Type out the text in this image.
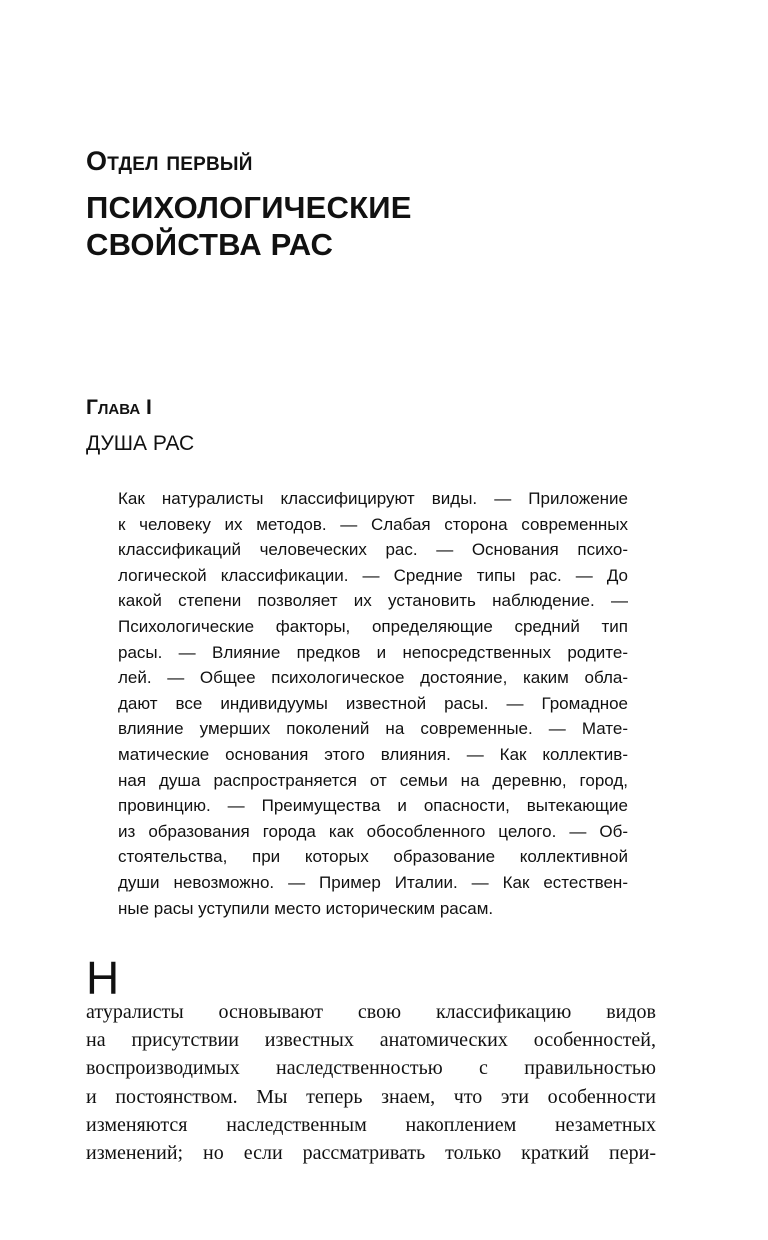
Отдел первый
ПСИХОЛОГИЧЕСКИЕ
СВОЙСТВА РАС
Глава I
ДУША РАС
Как натуралисты классифицируют виды. — Приложение
к человеку их методов. — Слабая сторона современных
классификаций человеческих рас. — Основания психо-
логической классификации. — Средние типы рас. — До
какой степени позволяет их установить наблюдение. —
Психологические факторы, определяющие средний тип
расы. — Влияние предков и непосредственных родите-
лей. — Общее психологическое достояние, каким обла-
дают все индивидуумы известной расы. — Громадное
влияние умерших поколений на современные. — Мате-
матические основания этого влияния. — Как коллектив-
ная душа распространяется от семьи на деревню, город,
провинцию. — Преимущества и опасности, вытекающие
из образования города как обособленного целого. — Об-
стоятельства, при которых образование коллективной
души невозможно. — Пример Италии. — Как естествен-
ные расы уступили место историческим расам.
Н
атуралисты основывают свою классификацию видов
на присутствии известных анатомических особенностей,
воспроизводимых наследственностью с правильностью
и постоянством. Мы теперь знаем, что эти особенности
изменяются наследственным накоплением незаметных
изменений; но если рассматривать только краткий пери-
